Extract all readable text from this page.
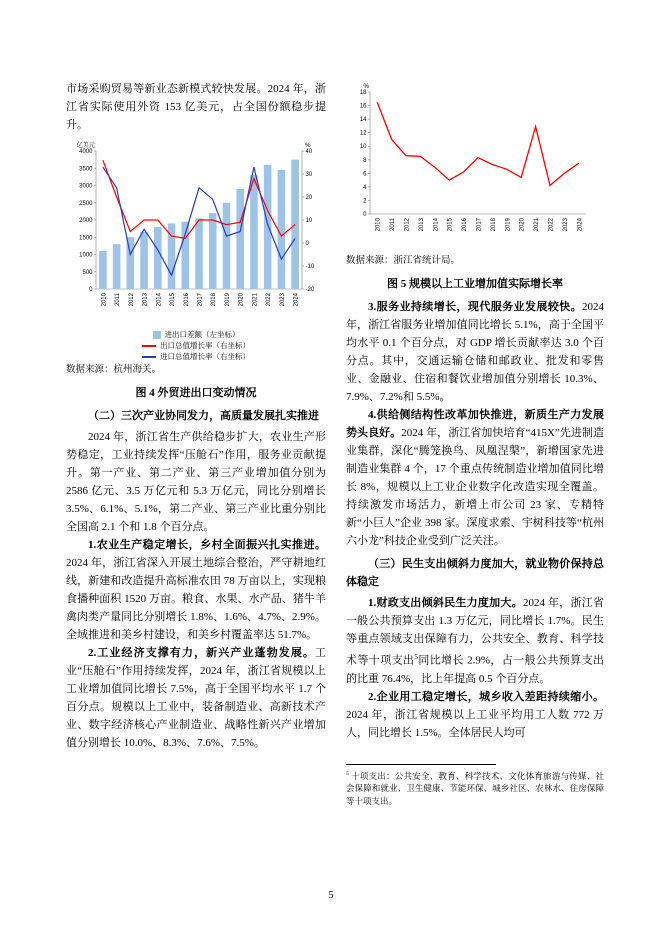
市场采购贸易等新业态新模式较快发展。2024 年，浙江省实际使用外资 153 亿美元，占全国份额稳步提升。

0
500
1000
1500
2000
2500
3000
3500
4000
-20
-10
0
10
20
30
40
亿美元	%
2010 2011 2012 2013 2014 2015 2016 2017 2018 2019 2020 2021 2022 2023 2024
进出口差额（左坐标）
出口总值增长率（右坐标）
进口总值增长率（右坐标）
数据来源：杭州海关。
图 4 外贸进出口变动情况
（二）三次产业协同发力，高质量发展扎实推进

2024 年，浙江省生产供给稳步扩大，农业生产形势稳定，工业持续发挥“压舱石”作用，服务业贡献提升。第一产业、第二产业、第三产业增加值分别为 2586 亿元、3.5 万亿元和 5.3 万亿元，同比分别增长 3.5%、6.1%、5.1%，第二产业、第三产业比重分别比全国高 2.1 个和 1.8 个百分点。

1.农业生产稳定增长，乡村全面振兴扎实推进。2024 年，浙江省深入开展土地综合整治，严守耕地红线，新建和改造提升高标准农田 78 万亩以上，实现粮食播种面积 1520 万亩。粮食、水果、水产品、猪牛羊禽肉类产量同比分别增长 1.8%、1.6%、4.7%、2.9%。全域推进和美乡村建设，和美乡村覆盖率达 51.7%。

2.工业经济支撑有力，新兴产业蓬勃发展。工业“压舱石”作用持续发挥，2024 年，浙江省规模以上工业增加值同比增长 7.5%，高于全国平均水平 1.7 个百分点。规模以上工业中，装备制造业、高新技术产业、数字经济核心产业制造业、战略性新兴产业增加值分别增长 10.0%、8.3%、7.6%、7.5%。

0
2
4
6
8
10
12
14
16
18
%
2010 2011 2012 2013 2014 2015 2016 2017 2018 2019 2020 2021 2022 2023 2024
数据来源：浙江省统计局。
图 5 规模以上工业增加值实际增长率

3.服务业持续增长，现代服务业发展较快。2024 年，浙江省服务业增加值同比增长 5.1%，高于全国平均水平 0.1 个百分点，对 GDP 增长贡献率达 3.0 个百分点。其中，交通运输仓储和邮政业、批发和零售业、金融业、住宿和餐饮业增加值分别增长 10.3%、7.9%、7.2%和 5.5%。

4.供给侧结构性改革加快推进，新质生产力发展势头良好。2024 年，浙江省加快培育“415X”先进制造业集群，深化“腾笼换鸟、凤凰涅槃”，新增国家先进制造业集群 4 个，17 个重点传统制造业增加值同比增长 8%，规模以上工业企业数字化改造实现全覆盖。持续激发市场活力，新增上市公司 23 家、专精特新“小巨人”企业 398 家。深度求索、宇树科技等“杭州六小龙”科技企业受到广泛关注。

（三）民生支出倾斜力度加大，就业物价保持总体稳定

1.财政支出倾斜民生力度加大。2024 年，浙江省一般公共预算支出 1.3 万亿元，同比增长 1.7%。民生等重点领域支出保障有力，公共安全、教育、科学技术等十项支出$^5$同比增长 2.9%，占一般公共预算支出的比重 76.4%，比上年提高 0.5 个百分点。

2.企业用工稳定增长，城乡收入差距持续缩小。2024 年，浙江省规模以上工业平均用工人数 772 万人，同比增长 1.5%。全体居民人均可

$^5$ 十项支出：公共安全、教育、科学技术、文化体育旅游与传媒、社会保障和就业、卫生健康、节能环保、城乡社区、农林水、住房保障等十项支出。
5
